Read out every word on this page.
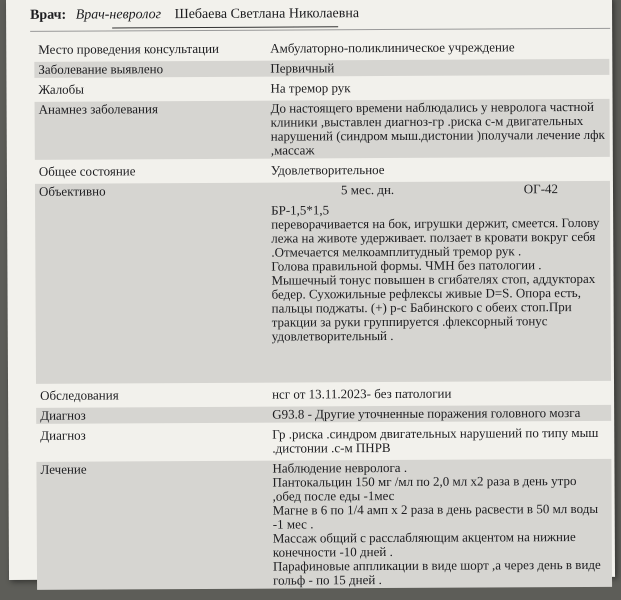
Врач: Врач-невролог Шебаева Светлана Николаевна
Место проведения консультации	Амбулаторно-поликлиническое учреждение
Заболевание выявлено	Первичный
Жалобы	На тремор рук
Анамнез заболевания	До настоящего времени наблюдались у невролога частной
клиники ,выставлен диагноз-гр .риска с-м двигательных
нарушений (синдром мыш.дистонии )получали лечение лфк
,массаж
Общее состояние	Удовлетворительное
Объективно	5 мес. дн.	ОГ-42
БР-1,5*1,5
переворачивается на бок, игрушки держит, смеется. Голову
лежа на животе удерживает. ползает в кровати вокруг себя
.Отмечается мелкоамплитудный тремор рук .
Голова правильной формы. ЧМН без патологии .
Мышечный тонус повышен в сгибателях стоп, аддукторах
бедер. Сухожильные рефлексы живые D=S. Опора есть,
пальцы поджаты. (+) р-с Бабинского с обеих стоп.При
тракции за руки группируется .флексорный тонус
удовлетворительный .
Обследования	нсг от 13.11.2023- без патологии
Диагноз	G93.8 - Другие уточненные поражения головного мозга
Диагноз	Гр .риска .синдром двигательных нарушений по типу мыш
.дистонии .с-м ПНРВ
Лечение	Наблюдение невролога .
Пантокальцин 150 мг /мл по 2,0 мл х2 раза в день утро
,обед после еды -1мес
Магне в 6 по 1/4 амп х 2 раза в день расвести в 50 мл воды
-1 мес .
Массаж общий с расслабляющим акцентом на нижние
конечности -10 дней .
Парафиновые аппликации в виде шорт ,а через день в виде
гольф - по 15 дней .
